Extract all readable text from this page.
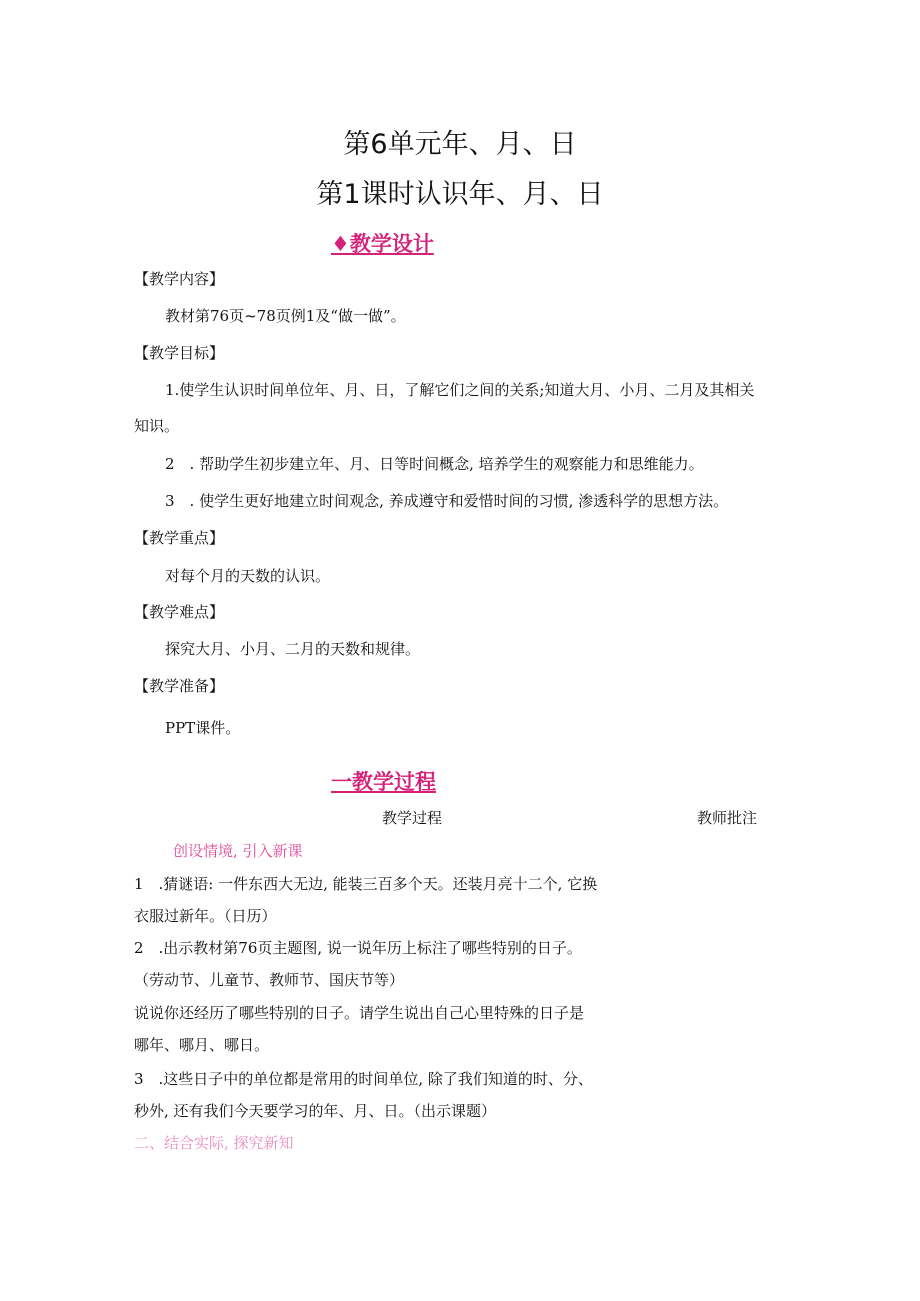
第6单元年、月、日
第1课时认识年、月、日
♦教学设计
【教学内容】
教材第76页~78页例1及“做一做”。
【教学目标】
1.使学生认识时间单位年、月、日，了解它们之间的关系;知道大月、小月、二月及其相关
知识。
2　. 帮助学生初步建立年、月、日等时间概念, 培养学生的观察能力和思维能力。
3　. 使学生更好地建立时间观念, 养成遵守和爱惜时间的习惯, 渗透科学的思想方法。
【教学重点】
对每个月的天数的认识。
【教学难点】
探究大月、小月、二月的天数和规律。
【教学准备】
PPT课件。
一教学过程
教学过程	教师批注
创设情境, 引入新课
1　.猜谜语: 一件东西大无边, 能装三百多个天。还装月亮十二个, 它换
衣服过新年。（日历）
2　.出示教材第76页主题图, 说一说年历上标注了哪些特别的日子。
（劳动节、儿童节、教师节、国庆节等）
说说你还经历了哪些特别的日子。请学生说出自己心里特殊的日子是
哪年、哪月、哪日。
3　.这些日子中的单位都是常用的时间单位, 除了我们知道的时、分、
秒外, 还有我们今天要学习的年、月、日。（出示课题）
二、结合实际, 探究新知
